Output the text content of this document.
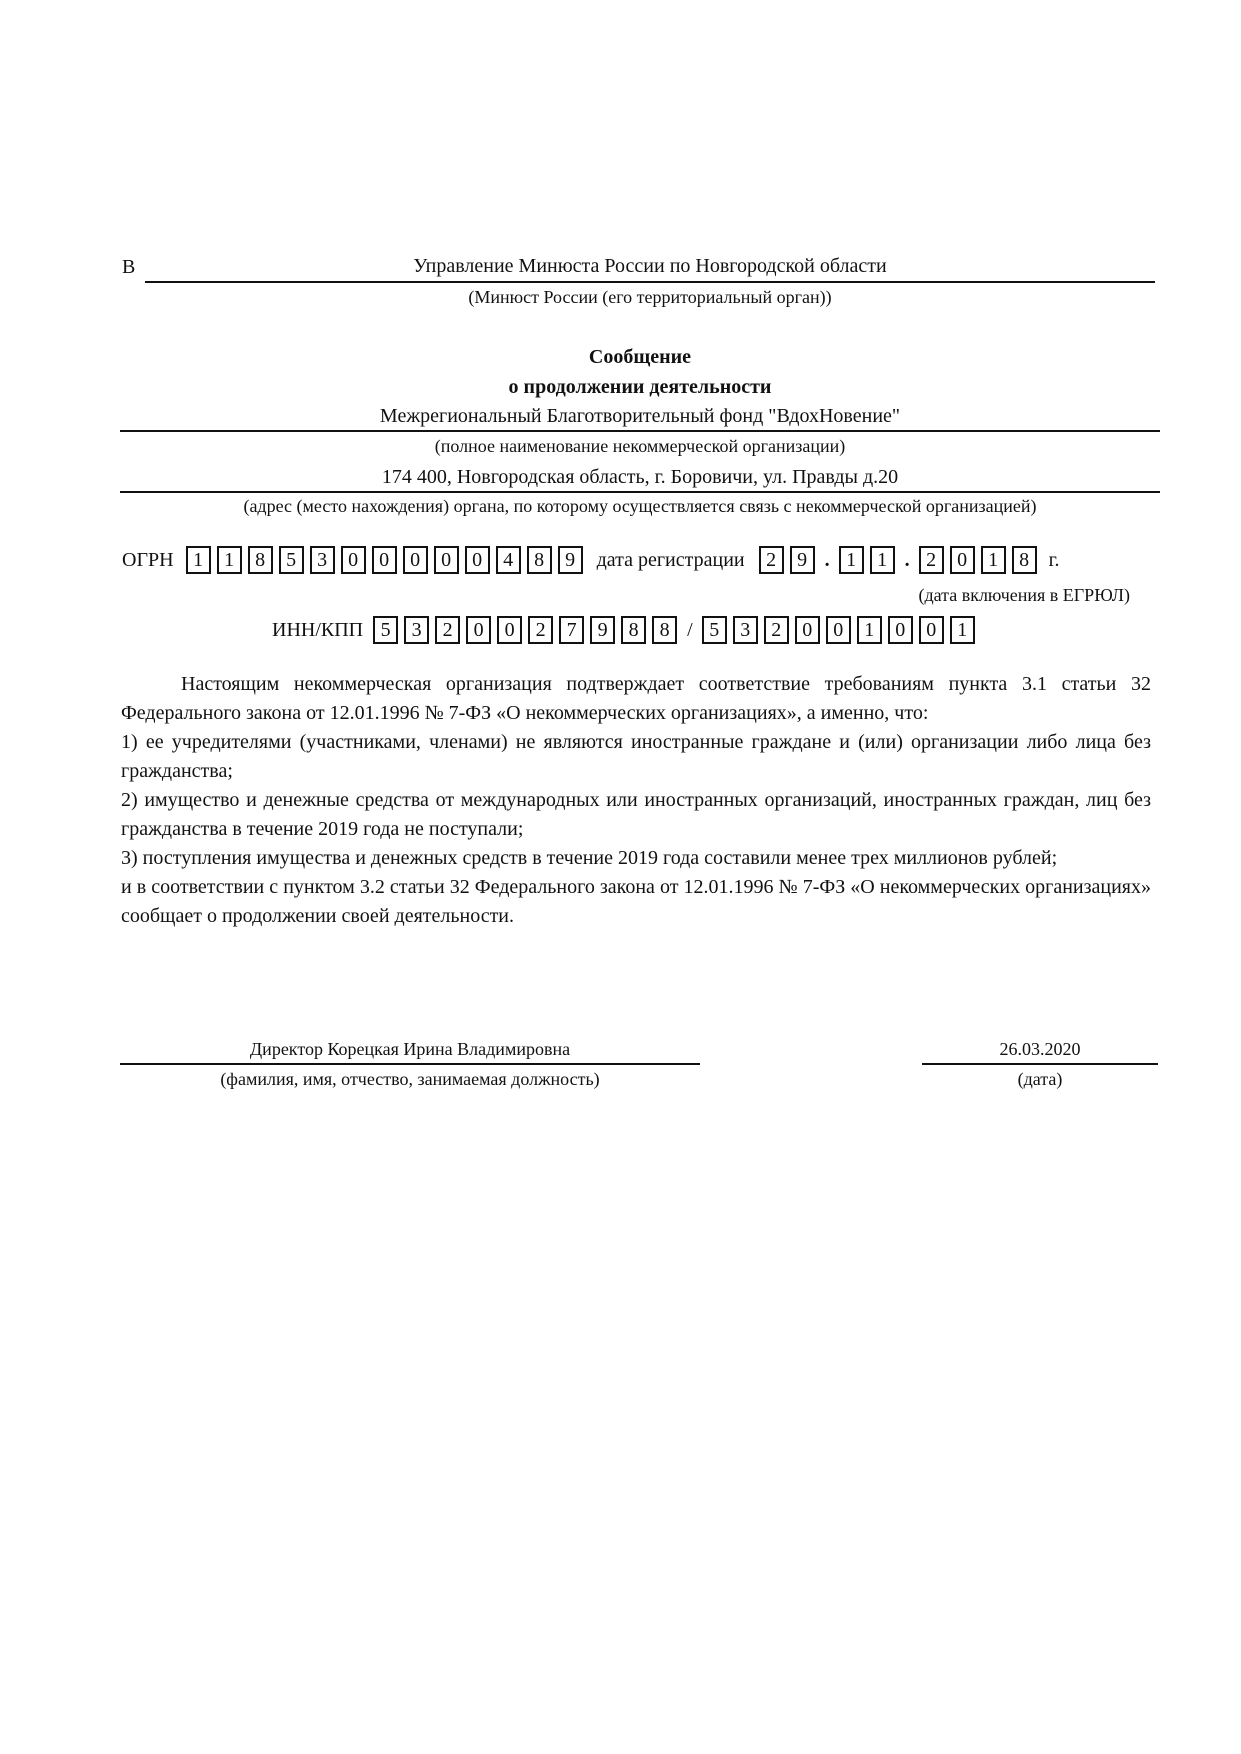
В	Управление Минюста России по Новгородской области
(Минюст России (его территориальный орган))
Сообщение
о продолжении деятельности
Межрегиональный Благотворительный фонд "ВдохНовение"
(полное наименование некоммерческой организации)
174 400, Новгородская область, г. Боровичи, ул. Правды д.20
(адрес (место нахождения) органа, по которому осуществляется связь с некоммерческой организацией)
ОГРН 1	1	8	5	3	0	0	0	0	0	4	8	9	дата регистрации	2	9 . 1	1 . 2	0	1	8 г.
(дата включения в ЕГРЮЛ)
ИНН/КПП 5	3	2	0	0	2	7	9	8	8 / 5	3	2	0	0	1	0	0	1

Настоящим некоммерческая организация подтверждает соответствие требованиям пункта 3.1 статьи 32 Федерального закона от 12.01.1996 № 7-ФЗ «О некоммерческих организациях», а именно, что:

1) ее учредителями (участниками, членами) не являются иностранные граждане и (или) организации либо лица без гражданства;

2) имущество и денежные средства от международных или иностранных организаций, иностранных граждан, лиц без гражданства в течение 2019 года не поступали;

3) поступления имущества и денежных средств в течение 2019 года составили менее трех миллионов рублей;

и в соответствии с пунктом 3.2 статьи 32 Федерального закона от 12.01.1996 № 7-ФЗ «О некоммерческих организациях» сообщает о продолжении своей деятельности.

Директор Корецкая Ирина Владимировна
(фамилия, имя, отчество, занимаемая должность)
26.03.2020
(дата)
